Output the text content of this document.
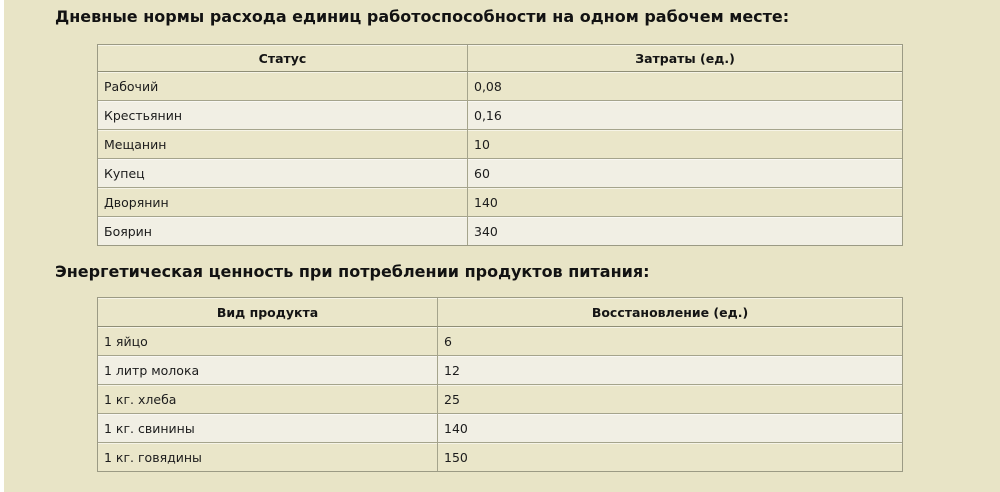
Дневные нормы расхода единиц работоспособности на одном рабочем месте:
Статус	Затраты (ед.)
Рабочий	0,08
Крестьянин	0,16
Мещанин	10
Купец	60
Дворянин	140
Боярин	340
Энергетическая ценность при потреблении продуктов питания:
Вид продукта	Восстановление (ед.)
1 яйцо	6
1 литр молока	12
1 кг. хлеба	25
1 кг. свинины	140
1 кг. говядины	150
